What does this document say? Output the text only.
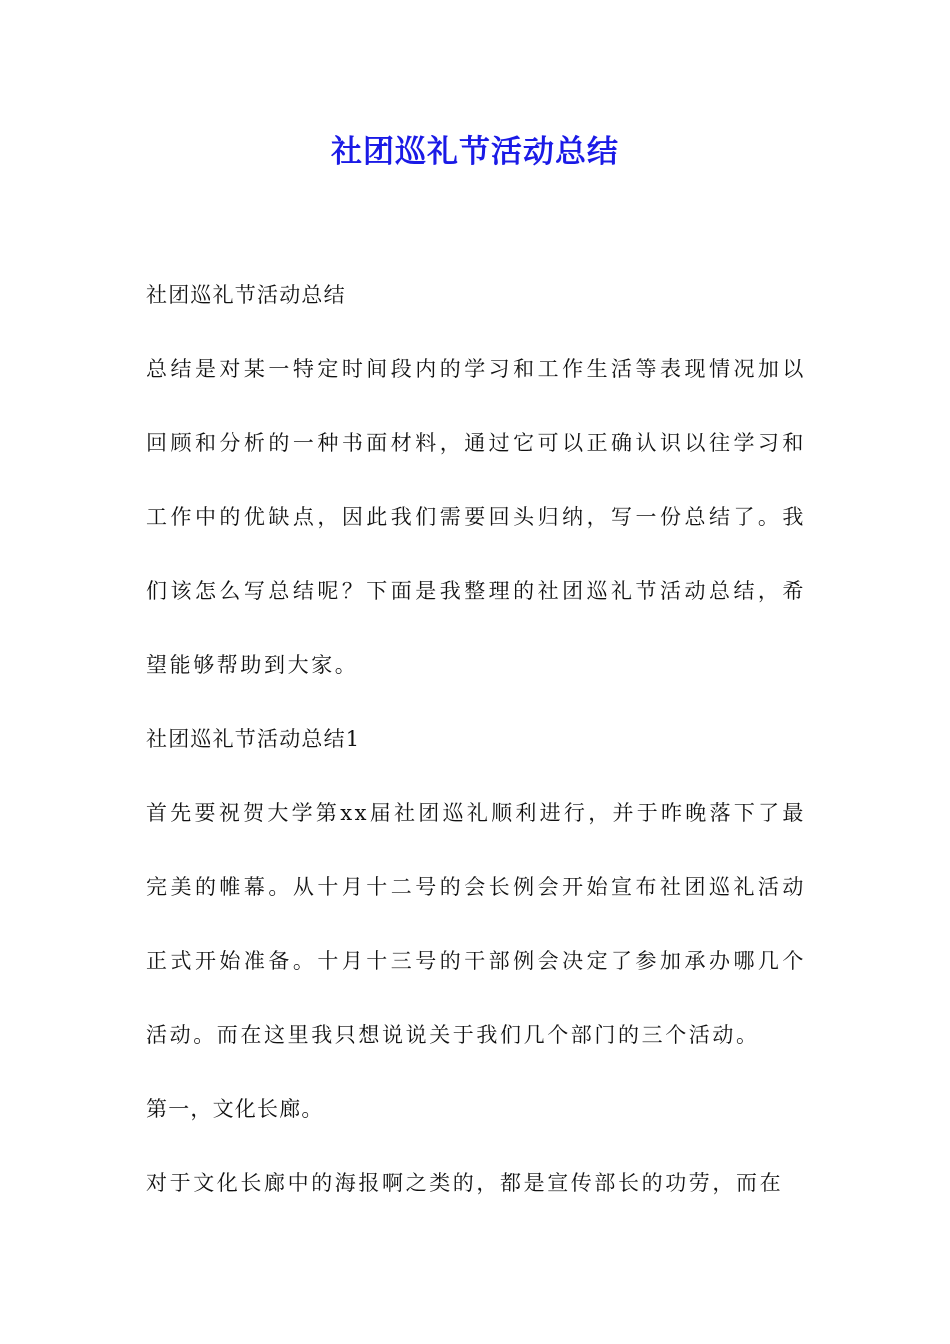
社团巡礼节活动总结

社团巡礼节活动总结

总结是对某一特定时间段内的学习和工作生活等表现情况加以回顾和分析的一种书面材料，通过它可以正确认识以往学习和工作中的优缺点，因此我们需要回头归纳，写一份总结了。我们该怎么写总结呢？下面是我整理的社团巡礼节活动总结，希望能够帮助到大家。

社团巡礼节活动总结1

首先要祝贺大学第xx届社团巡礼顺利进行，并于昨晚落下了最完美的帷幕。从十月十二号的会长例会开始宣布社团巡礼活动正式开始准备。十月十三号的干部例会决定了参加承办哪几个活动。而在这里我只想说说关于我们几个部门的三个活动。

第一，文化长廊。

对于文化长廊中的海报啊之类的，都是宣传部长的功劳，而在
